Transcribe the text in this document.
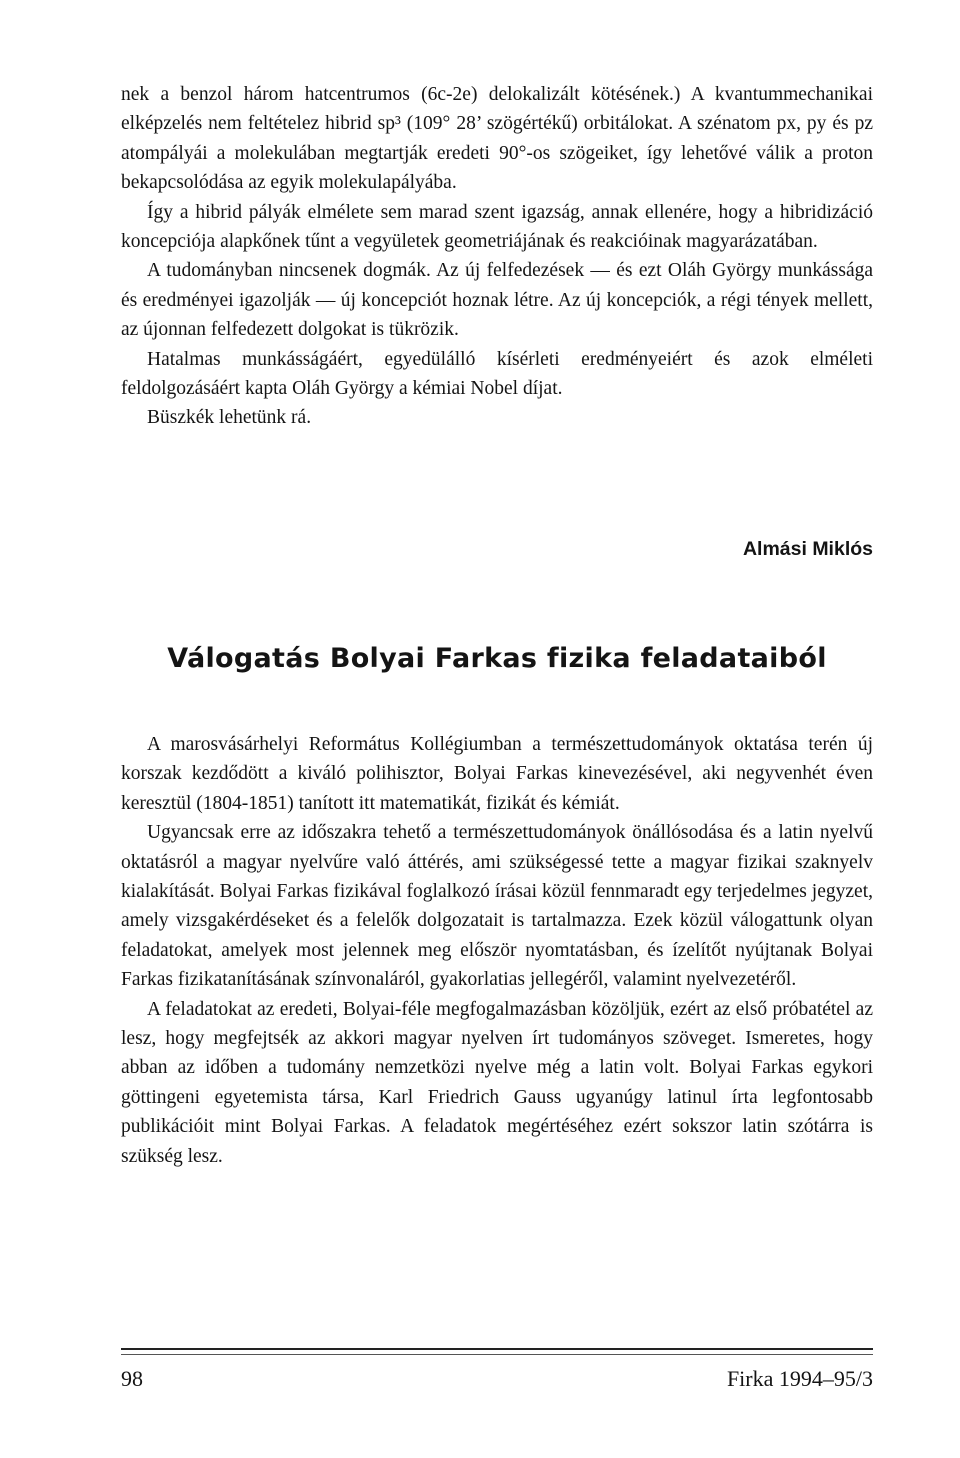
nek a benzol három hatcentrumos (6c-2e) delokalizált kötésének.) A kvantummechanikai elképzelés nem feltételez hibrid sp³ (109° 28’ szögértékű) orbitálokat. A szénatom px, py és pz atompályái a molekulában megtartják eredeti 90°-os szögeiket, így lehetővé válik a proton bekapcsolódása az egyik molekulapályába.

Így a hibrid pályák elmélete sem marad szent igazság, annak ellenére, hogy a hibridizáció koncepciója alapkőnek tűnt a vegyületek geometriájának és reakcióinak magyarázatában.

A tudományban nincsenek dogmák. Az új felfedezések — és ezt Oláh György munkássága és eredményei igazolják — új koncepciót hoznak létre. Az új koncepciók, a régi tények mellett, az újonnan felfedezett dolgokat is tükrözik.

Hatalmas munkásságáért, egyedülálló kísérleti eredményeiért és azok elméleti feldolgozásáért kapta Oláh György a kémiai Nobel díjat.

Büszkék lehetünk rá.

Almási Miklós
Válogatás Bolyai Farkas fizika feladataiból

A marosvásárhelyi Református Kollégiumban a természettudományok oktatása terén új korszak kezdődött a kiváló polihisztor, Bolyai Farkas kinevezésével, aki negyvenhét éven keresztül (1804-1851) tanított itt matematikát, fizikát és kémiát.

Ugyancsak erre az időszakra tehető a természettudományok önállósodása és a latin nyelvű oktatásról a magyar nyelvűre való áttérés, ami szükségessé tette a magyar fizikai szaknyelv kialakítását. Bolyai Farkas fizikával foglalkozó írásai közül fennmaradt egy terjedelmes jegyzet, amely vizsgakérdéseket és a felelők dolgozatait is tartalmazza. Ezek közül válogattunk olyan feladatokat, amelyek most jelennek meg először nyomtatásban, és ízelítőt nyújtanak Bolyai Farkas fizikatanításának színvonaláról, gyakorlatias jellegéről, valamint nyelvezetéről.

A feladatokat az eredeti, Bolyai-féle megfogalmazásban közöljük, ezért az első próbatétel az lesz, hogy megfejtsék az akkori magyar nyelven írt tudományos szöveget. Ismeretes, hogy abban az időben a tudomány nemzetközi nyelve még a latin volt. Bolyai Farkas egykori göttingeni egyetemista társa, Karl Friedrich Gauss ugyanúgy latinul írta legfontosabb publikációit mint Bolyai Farkas. A feladatok megértéséhez ezért sokszor latin szótárra is szükség lesz.

98	Firka 1994–95/3
